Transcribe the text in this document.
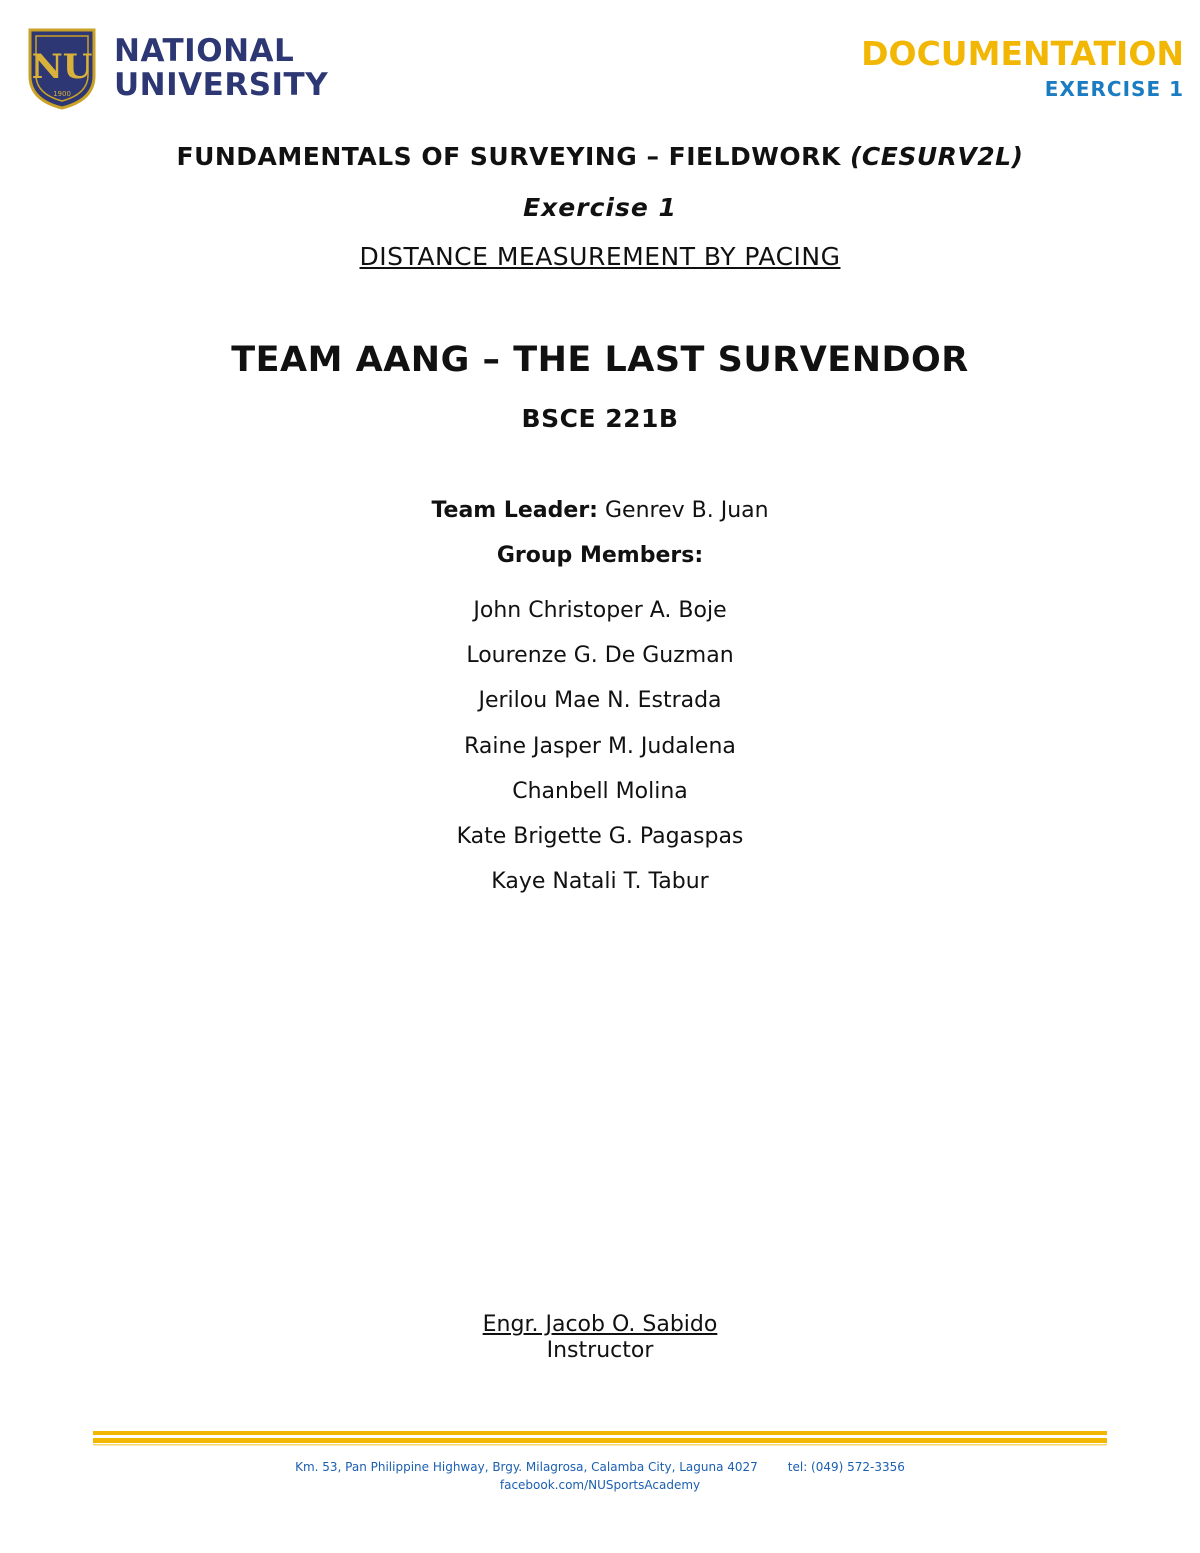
NU
1900
NATIONAL
UNIVERSITY
DOCUMENTATION
EXERCISE 1
FUNDAMENTALS OF SURVEYING – FIELDWORK (CESURV2L)
Exercise 1
DISTANCE MEASUREMENT BY PACING
TEAM AANG – THE LAST SURVENDOR
BSCE 221B
Team Leader: Genrev B. Juan
Group Members:
John Christoper A. Boje
Lourenze G. De Guzman
Jerilou Mae N. Estrada
Raine Jasper M. Judalena
Chanbell Molina
Kate Brigette G. Pagaspas
Kaye Natali T. Tabur
Engr. Jacob O. Sabido
Instructor
Km. 53, Pan Philippine Highway, Brgy. Milagrosa, Calamba City, Laguna 4027	tel: (049) 572-3356
facebook.com/NUSportsAcademy
